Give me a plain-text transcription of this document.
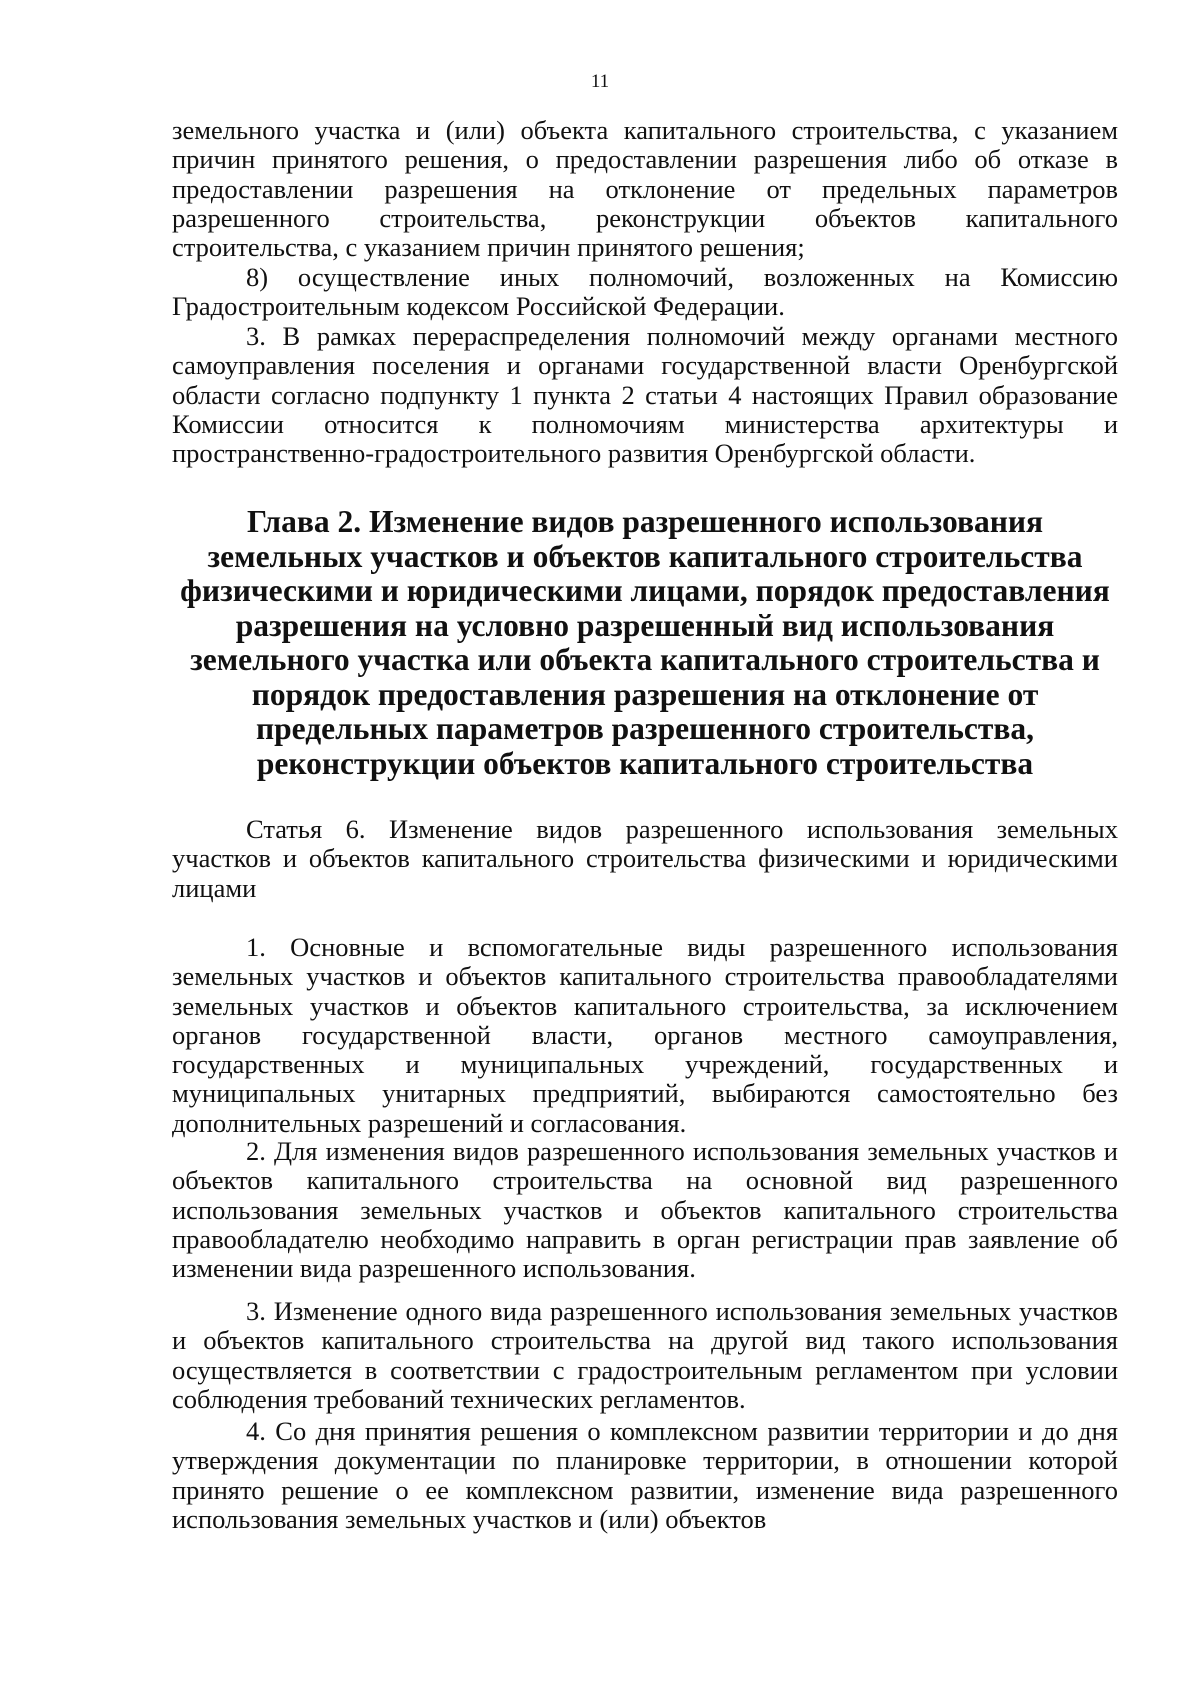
11

земельного участка и (или) объекта капитального строительства, с указанием причин принятого решения, о предоставлении разрешения либо об отказе в предоставлении разрешения на отклонение от предельных параметров разрешенного строительства, реконструкции объектов капитального строительства, с указанием причин принятого решения;

8) осуществление иных полномочий, возложенных на Комиссию Градостроительным кодексом Российской Федерации.

3. В рамках перераспределения полномочий между органами местного самоуправления поселения и органами государственной власти Оренбургской области согласно подпункту 1 пункта 2 статьи 4 настоящих Правил образование Комиссии относится к полномочиям министерства архитектуры и пространственно-градостроительного развития Оренбургской области.

Глава 2. Изменение видов разрешенного использования земельных участков и объектов капитального строительства физическими и юридическими лицами, порядок предоставления разрешения на условно разрешенный вид использования земельного участка или объекта капитального строительства и порядок предоставления разрешения на отклонение от предельных параметров разрешенного строительства, реконструкции объектов капитального строительства

Статья 6. Изменение видов разрешенного использования земельных участков и объектов капитального строительства физическими и юридическими лицами

1. Основные и вспомогательные виды разрешенного использования земельных участков и объектов капитального строительства правообладателями земельных участков и объектов капитального строительства, за исключением органов государственной власти, органов местного самоуправления, государственных и муниципальных учреждений, государственных и муниципальных унитарных предприятий, выбираются самостоятельно без дополнительных разрешений и согласования.

2. Для изменения видов разрешенного использования земельных участков и объектов капитального строительства на основной вид разрешенного использования земельных участков и объектов капитального строительства правообладателю необходимо направить в орган регистрации прав заявление об изменении вида разрешенного использования.

3. Изменение одного вида разрешенного использования земельных участков и объектов капитального строительства на другой вид такого использования осуществляется в соответствии с градостроительным регламентом при условии соблюдения требований технических регламентов.

4. Со дня принятия решения о комплексном развитии территории и до дня утверждения документации по планировке территории, в отношении которой принято решение о ее комплексном развитии, изменение вида разрешенного использования земельных участков и (или) объектов
